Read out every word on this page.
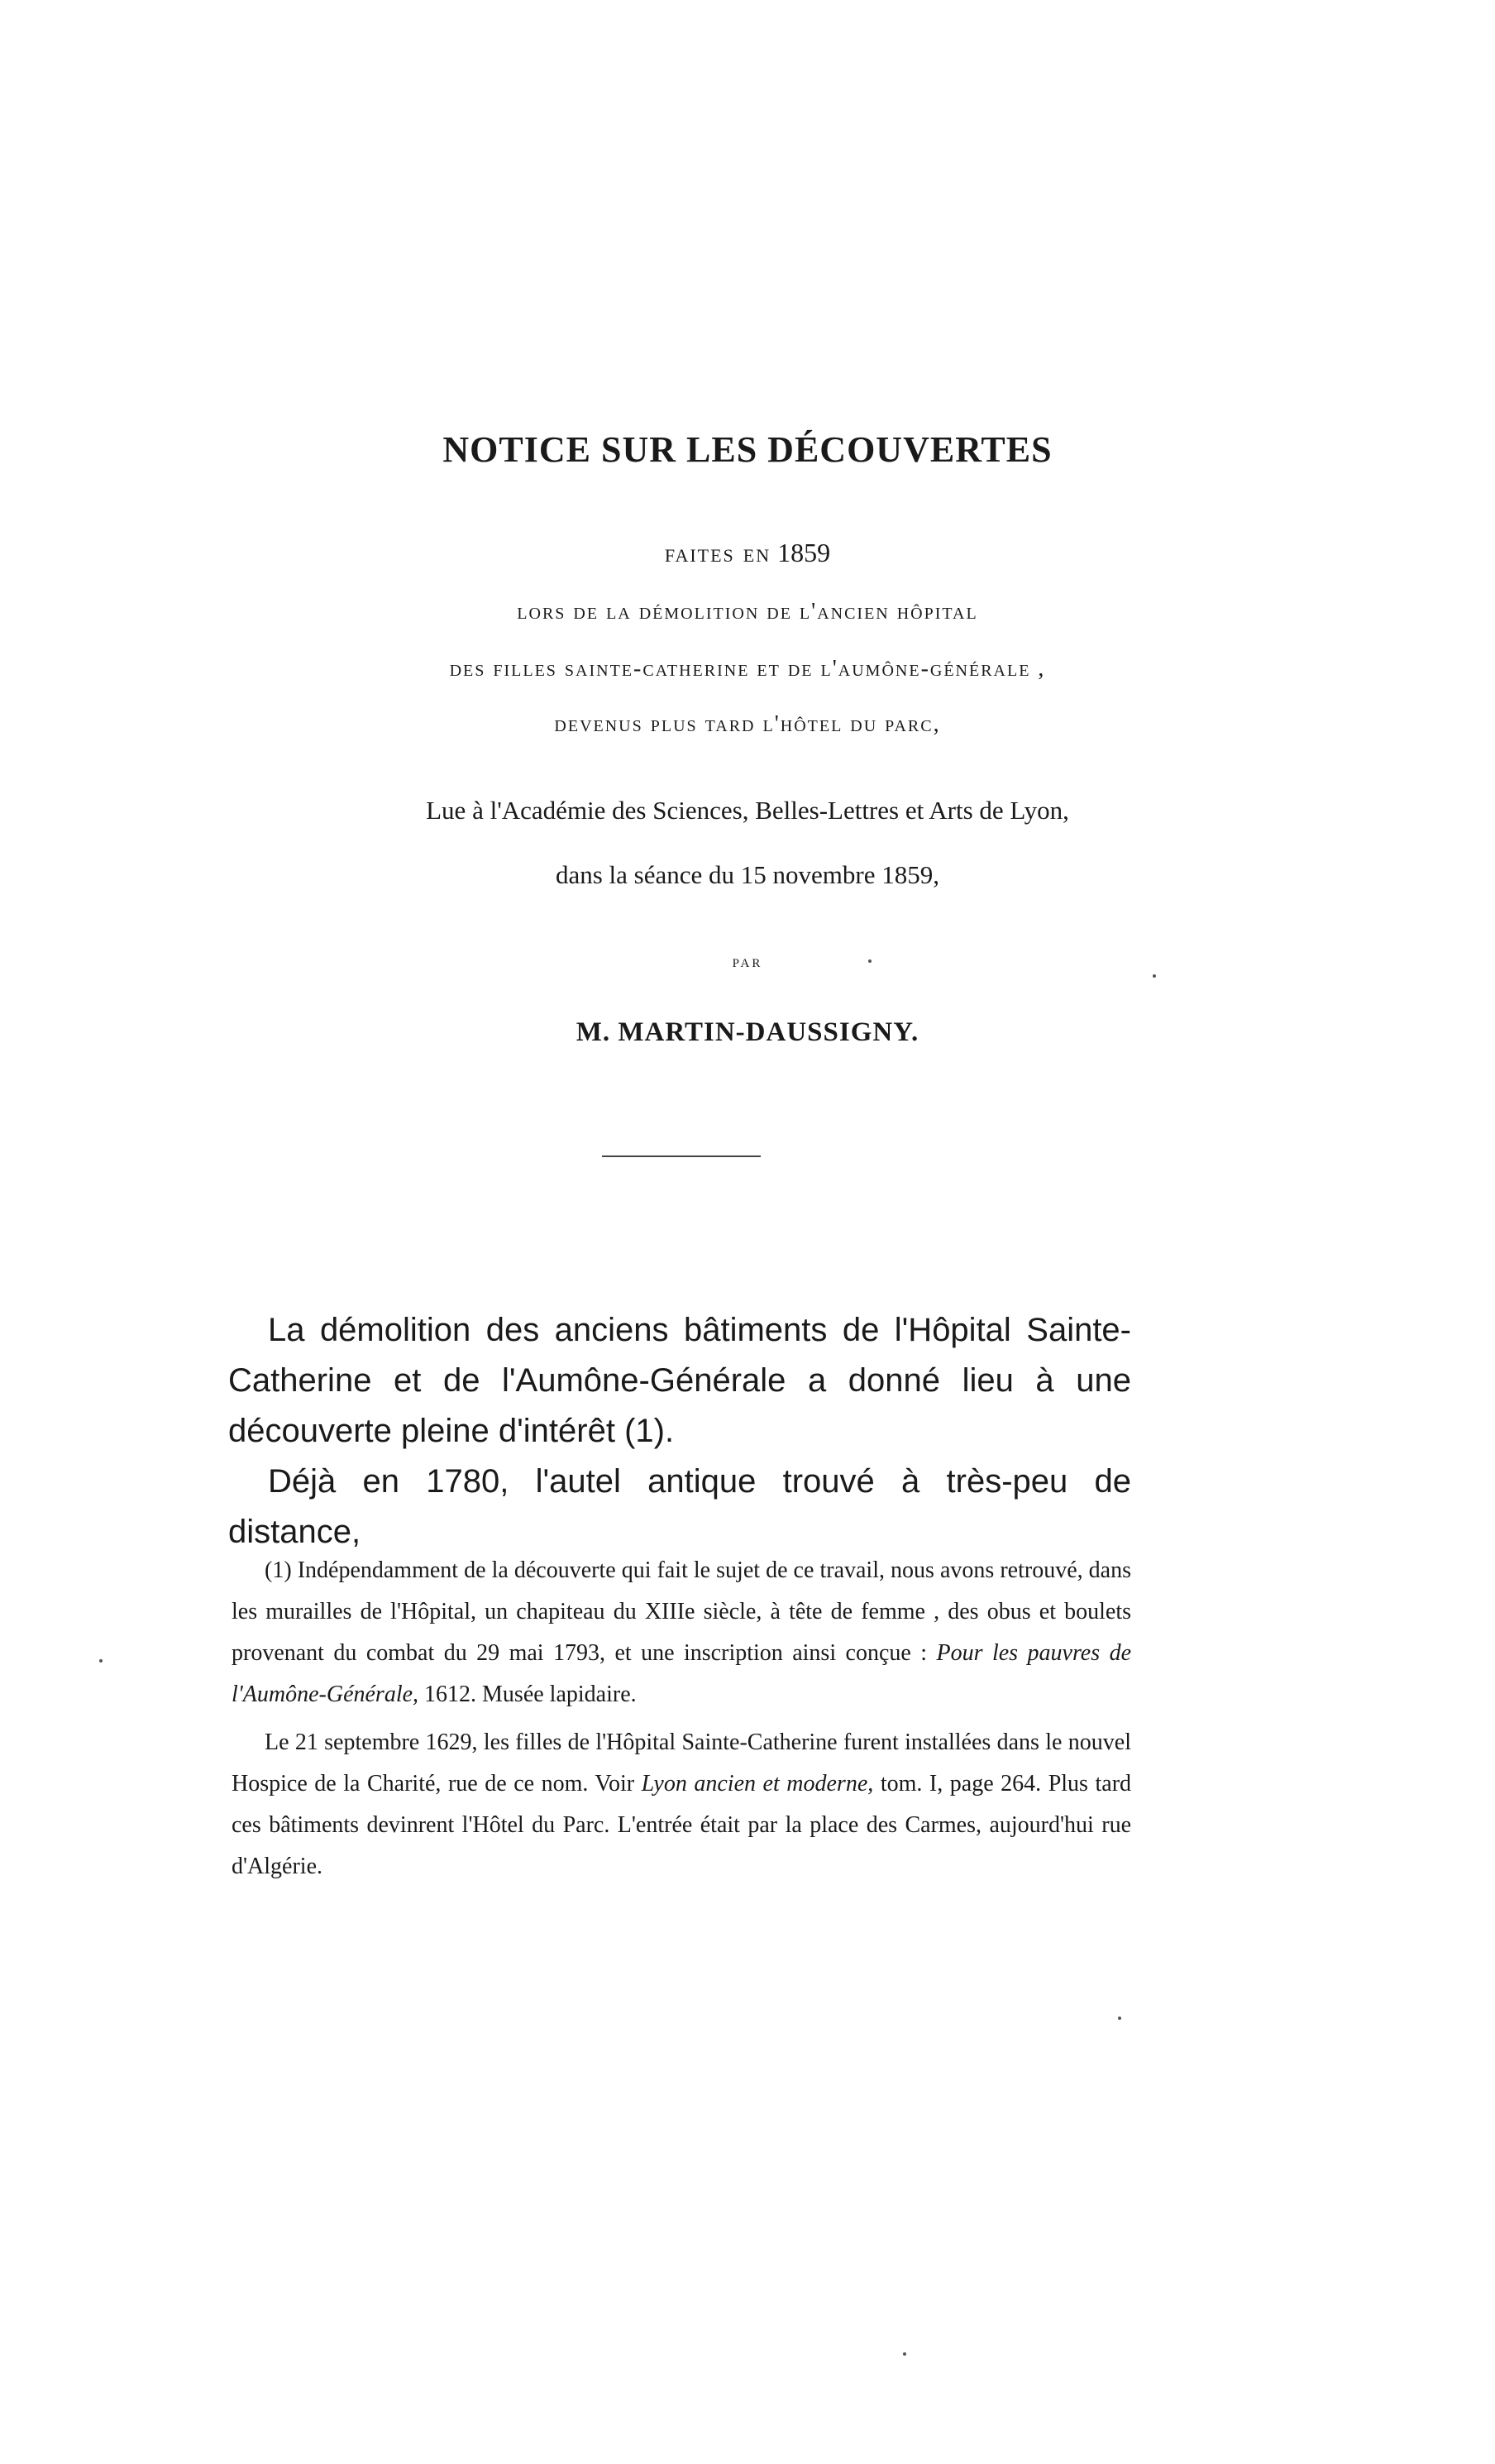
NOTICE SUR LES DÉCOUVERTES
faites en 1859
lors de la démolition de l'ancien hôpital
des filles sainte-catherine et de l'aumône-générale ,
devenus plus tard l'hôtel du parc,
Lue à l'Académie des Sciences, Belles-Lettres et Arts de Lyon,
dans la séance du 15 novembre 1859,
par
M. MARTIN-DAUSSIGNY.

La démolition des anciens bâtiments de l'Hôpital Sainte-Catherine et de l'Aumône-Générale a donné lieu à une découverte pleine d'intérêt (1).

Déjà en 1780, l'autel antique trouvé à très-peu de distance,

(1) Indépendamment de la découverte qui fait le sujet de ce travail, nous avons retrouvé, dans les murailles de l'Hôpital, un chapiteau du XIIIe siècle, à tête de femme , des obus et boulets provenant du combat du 29 mai 1793, et une inscription ainsi conçue : Pour les pauvres de l'Aumône-Générale, 1612. Musée lapidaire.

Le 21 septembre 1629, les filles de l'Hôpital Sainte-Catherine furent installées dans le nouvel Hospice de la Charité, rue de ce nom. Voir Lyon ancien et moderne, tom. I, page 264. Plus tard ces bâtiments devinrent l'Hôtel du Parc. L'entrée était par la place des Carmes, aujourd'hui rue d'Algérie.
